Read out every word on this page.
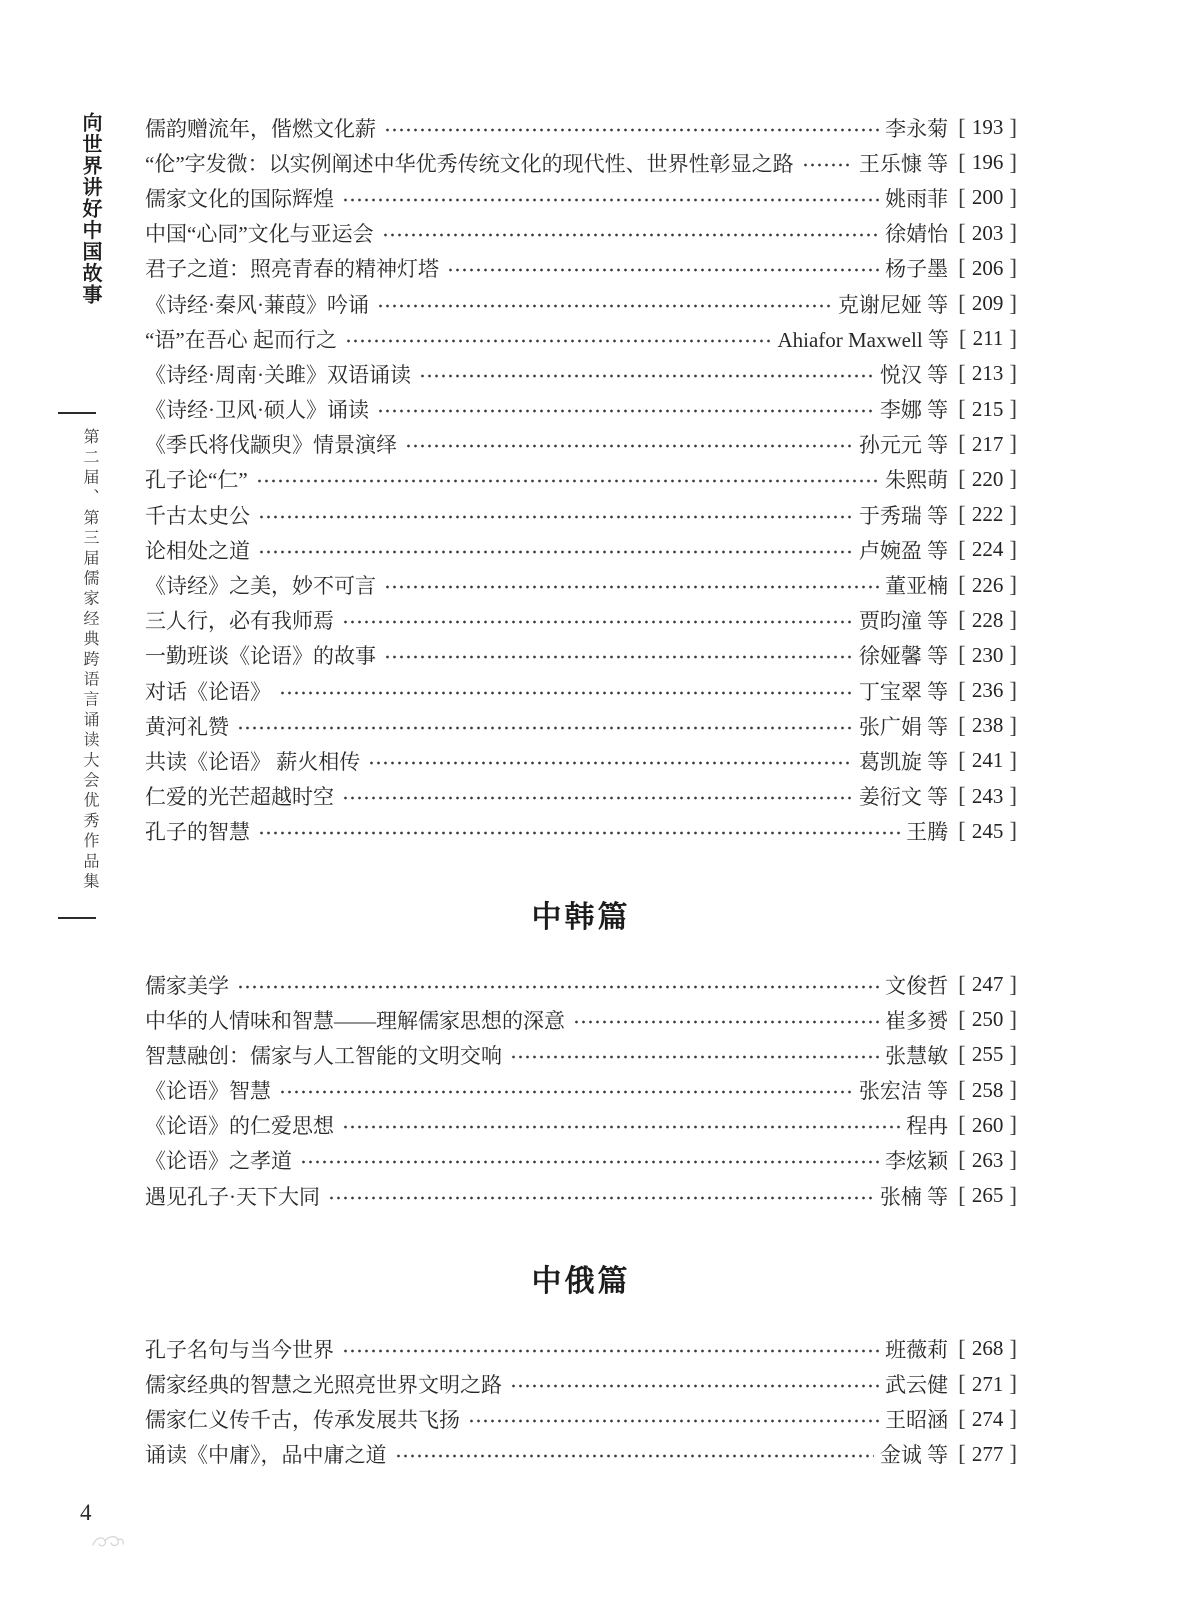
向世界讲好中国故事
第二届、第三届儒家经典跨语言诵读大会优秀作品集
儒韵赠流年，偕燃文化薪	李永菊 [ 193 ]
“伦”字发微：以实例阐述中华优秀传统文化的现代性、世界性彰显之路	王乐慷 等 [ 196 ]
儒家文化的国际辉煌	姚雨菲 [ 200 ]
中国“心同”文化与亚运会	徐婧怡 [ 203 ]
君子之道：照亮青春的精神灯塔	杨子墨 [ 206 ]
《诗经·秦风·蒹葭》吟诵	克谢尼娅 等 [ 209 ]
“语”在吾心 起而行之	Ahiafor Maxwell 等 [ 211 ]
《诗经·周南·关雎》双语诵读	悦汉 等 [ 213 ]
《诗经·卫风·硕人》诵读	李娜 等 [ 215 ]
《季氏将伐颛臾》情景演绎	孙元元 等 [ 217 ]
孔子论“仁”	朱熙萌 [ 220 ]
千古太史公	于秀瑞 等 [ 222 ]
论相处之道	卢婉盈 等 [ 224 ]
《诗经》之美，妙不可言	董亚楠 [ 226 ]
三人行，必有我师焉	贾昀潼 等 [ 228 ]
一勤班谈《论语》的故事	徐娅馨 等 [ 230 ]
对话《论语》	丁宝翠 等 [ 236 ]
黄河礼赞	张广娟 等 [ 238 ]
共读《论语》 薪火相传	葛凯旋 等 [ 241 ]
仁爱的光芒超越时空	姜衍文 等 [ 243 ]
孔子的智慧	王腾 [ 245 ]
中韩篇
儒家美学	文俊哲 [ 247 ]
中华的人情味和智慧——理解儒家思想的深意	崔多赟 [ 250 ]
智慧融创：儒家与人工智能的文明交响	张慧敏 [ 255 ]
《论语》智慧	张宏洁 等 [ 258 ]
《论语》的仁爱思想	程冉 [ 260 ]
《论语》之孝道	李炫颖 [ 263 ]
遇见孔子·天下大同	张楠 等 [ 265 ]
中俄篇
孔子名句与当今世界	班薇莉 [ 268 ]
儒家经典的智慧之光照亮世界文明之路	武云健 [ 271 ]
儒家仁义传千古，传承发展共飞扬	王昭涵 [ 274 ]
诵读《中庸》，品中庸之道	金诚 等 [ 277 ]
4
